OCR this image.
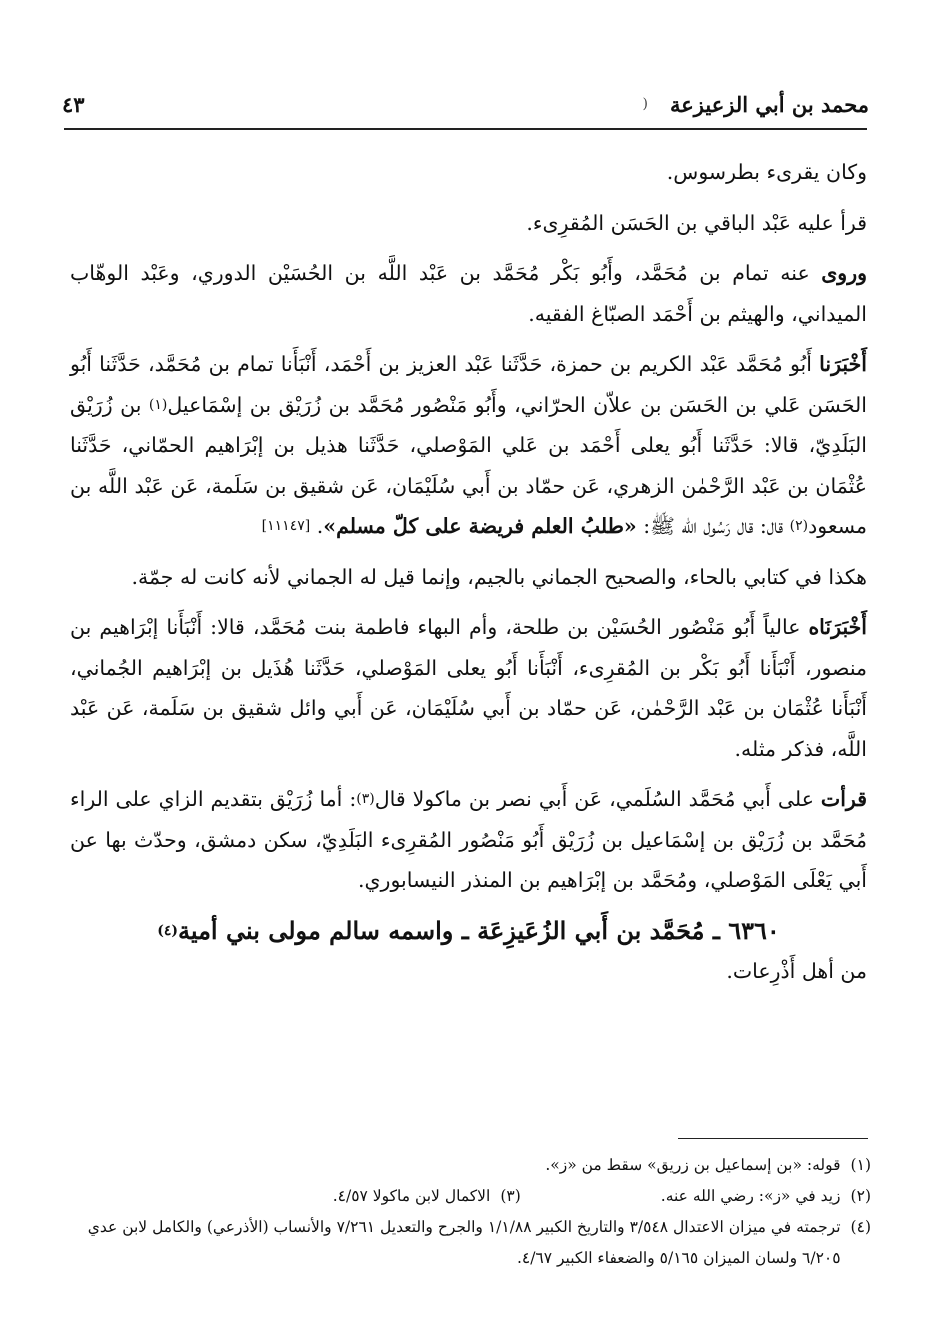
محمد بن أبي الزعيزعة
(
٤٣

وكان يقرىء بطرسوس.

قرأ عليه عَبْد الباقي بن الحَسَن المُقرِىء.

وروى عنه تمام بن مُحَمَّد، وأَبُو بَكْر مُحَمَّد بن عَبْد اللَّه بن الحُسَيْن الدوري، وعَبْد الوهّاب الميداني، والهيثم بن أَحْمَد الصبّاغ الفقيه.

أَخْبَرَنا أَبُو مُحَمَّد عَبْد الكريم بن حمزة، حَدَّثَنا عَبْد العزيز بن أَحْمَد، أَنْبَأَنا تمام بن مُحَمَّد، حَدَّثَنا أَبُو الحَسَن عَلي بن الحَسَن بن علاّن الحرّاني، وأَبُو مَنْصُور مُحَمَّد بن زُرَيْق بن إسْمَاعيل$^{(١)}$ بن زُرَيْق البَلَدِيّ، قالا: حَدَّثَنا أَبُو يعلى أَحْمَد بن عَلي المَوْصلي، حَدَّثَنا هذيل بن إبْرَاهيم الحمّاني، حَدَّثَنا عُثْمَان بن عَبْد الرَّحْمٰن الزهري، عَن حمّاد بن أَبي سُلَيْمَان، عَن شقيق بن سَلَمة، عَن عَبْد اللَّه بن مسعود$^{(٢)}$ قال: قال رَسُول الله ﷺ: «طلبُ العلم فريضة على كلّ مسلم». [١١١٤٧]

هكذا في كتابي بالحاء، والصحيح الجماني بالجيم، وإنما قيل له الجماني لأنه كانت له جمّة.

أَخْبَرَنَاه عالياً أَبُو مَنْصُور الحُسَيْن بن طلحة، وأم البهاء فاطمة بنت مُحَمَّد، قالا: أَنْبَأَنا إبْرَاهيم بن منصور، أَنْبَأَنا أَبُو بَكْر بن المُقرِىء، أَنْبَأَنا أَبُو يعلى المَوْصلي، حَدَّثَنا هُذَيل بن إبْرَاهيم الجُماني، أَنْبَأَنا عُثْمَان بن عَبْد الرَّحْمٰن، عَن حمّاد بن أَبي سُلَيْمَان، عَن أَبي وائل شقيق بن سَلَمة، عَن عَبْد اللَّه، فذكر مثله.

قرأت على أَبي مُحَمَّد السُلَمي، عَن أَبي نصر بن ماكولا قال$^{(٣)}$: أما زُرَيْق بتقديم الزاي على الراء مُحَمَّد بن زُرَيْق بن إسْمَاعيل بن زُرَيْق أَبُو مَنْصُور المُقرِىء البَلَدِيّ، سكن دمشق، وحدّث بها عن أَبي يَعْلَى المَوْصلي، ومُحَمَّد بن إبْرَاهيم بن المنذر النيسابوري.

٦٣٦٠ ـ مُحَمَّد بن أَبي الزُعَيزِعَة ـ واسمه سالم مولى بني أمية$^{(٤)}$

من أهل أَذْرِعات.

(١)
قوله: «بن إسماعيل بن زريق» سقط من «ز».
(٢)
زيد في «ز»: رضي الله عنه.
(٣)
الاكمال لابن ماكولا ٤/٥٧.
(٤)
ترجمته في ميزان الاعتدال ٣/٥٤٨ والتاريخ الكبير ١/١/٨٨ والجرح والتعديل ٧/٢٦١ والأنساب (الأذرعي) والكامل لابن عدي ٦/٢٠٥ ولسان الميزان ٥/١٦٥ والضعفاء الكبير ٤/٦٧.
